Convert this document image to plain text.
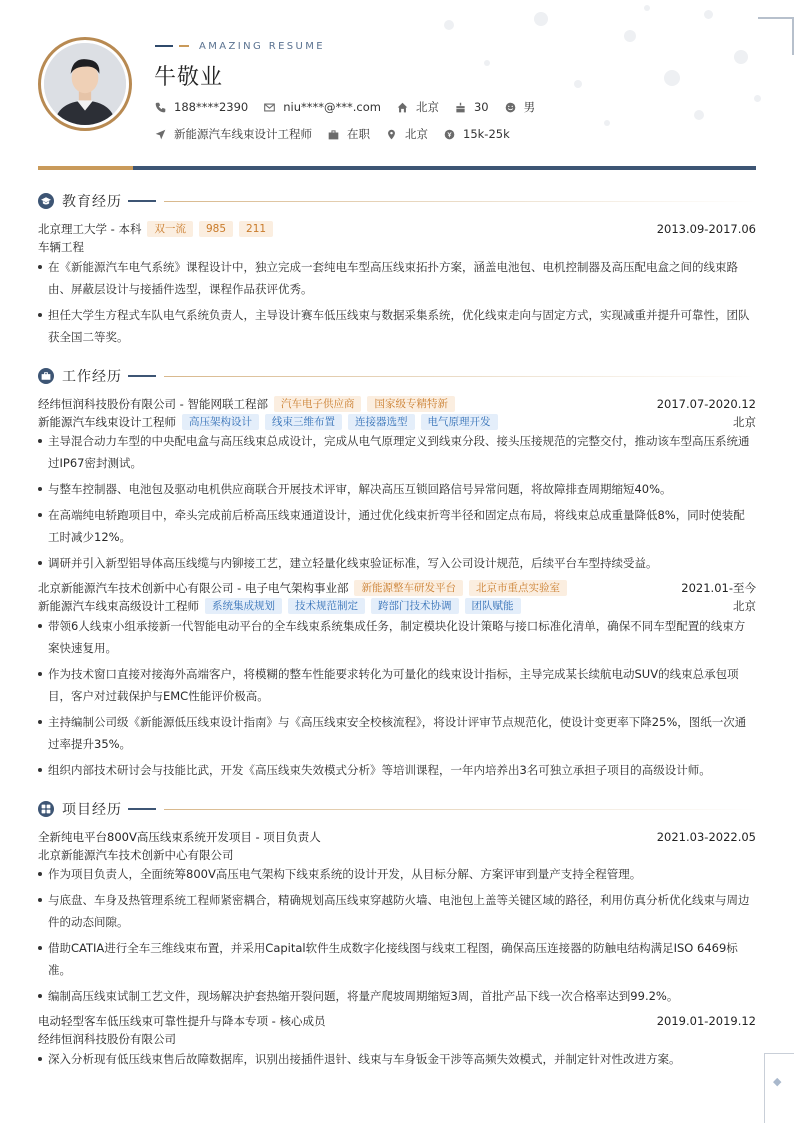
◆
AMAZING RESUME
牛敬业
188****2390	niu****@***.com	北京	30	男
新能源汽车线束设计工程师	在职	北京	15k-25k
教育经历
北京理工大学 - 本科	双一流	985	211	2013.09-2017.06
车辆工程
在《新能源汽车电气系统》课程设计中，独立完成一套纯电车型高压线束拓扑方案，涵盖电池包、电机控制器及高压配电盒之间的线束路由、屏蔽层设计与接插件选型，课程作品获评优秀。
担任大学生方程式车队电气系统负责人，主导设计赛车低压线束与数据采集系统，优化线束走向与固定方式，实现减重并提升可靠性，团队获全国二等奖。
工作经历
经纬恒润科技股份有限公司 - 智能网联工程部	汽车电子供应商	国家级专精特新	2017.07-2020.12
新能源汽车线束设计工程师	高压架构设计	线束三维布置	连接器选型	电气原理开发	北京
主导混合动力车型的中央配电盒与高压线束总成设计，完成从电气原理定义到线束分段、接头压接规范的完整交付，推动该车型高压系统通过IP67密封测试。
与整车控制器、电池包及驱动电机供应商联合开展技术评审，解决高压互锁回路信号异常问题，将故障排查周期缩短40%。
在高端纯电轿跑项目中，牵头完成前后桥高压线束通道设计，通过优化线束折弯半径和固定点布局，将线束总成重量降低8%，同时使装配工时减少12%。
调研并引入新型铝导体高压线缆与内铆接工艺，建立轻量化线束验证标准，写入公司设计规范，后续平台车型持续受益。
北京新能源汽车技术创新中心有限公司 - 电子电气架构事业部	新能源整车研发平台	北京市重点实验室	2021.01-至今
新能源汽车线束高级设计工程师	系统集成规划	技术规范制定	跨部门技术协调	团队赋能	北京
带领6人线束小组承接新一代智能电动平台的全车线束系统集成任务，制定模块化设计策略与接口标准化清单，确保不同车型配置的线束方案快速复用。
作为技术窗口直接对接海外高端客户，将模糊的整车性能要求转化为可量化的线束设计指标，主导完成某长续航电动SUV的线束总承包项目，客户对过载保护与EMC性能评价极高。
主持编制公司级《新能源低压线束设计指南》与《高压线束安全校核流程》，将设计评审节点规范化，使设计变更率下降25%，图纸一次通过率提升35%。
组织内部技术研讨会与技能比武，开发《高压线束失效模式分析》等培训课程，一年内培养出3名可独立承担子项目的高级设计师。
项目经历
全新纯电平台800V高压线束系统开发项目 - 项目负责人	2021.03-2022.05
北京新能源汽车技术创新中心有限公司
作为项目负责人，全面统筹800V高压电气架构下线束系统的设计开发，从目标分解、方案评审到量产支持全程管理。
与底盘、车身及热管理系统工程师紧密耦合，精确规划高压线束穿越防火墙、电池包上盖等关键区域的路径，利用仿真分析优化线束与周边件的动态间隙。
借助CATIA进行全车三维线束布置，并采用Capital软件生成数字化接线图与线束工程图，确保高压连接器的防触电结构满足ISO 6469标准。
编制高压线束试制工艺文件，现场解决护套热缩开裂问题，将量产爬坡周期缩短3周，首批产品下线一次合格率达到99.2%。
电动轻型客车低压线束可靠性提升与降本专项 - 核心成员	2019.01-2019.12
经纬恒润科技股份有限公司
深入分析现有低压线束售后故障数据库，识别出接插件退针、线束与车身钣金干涉等高频失效模式，并制定针对性改进方案。
